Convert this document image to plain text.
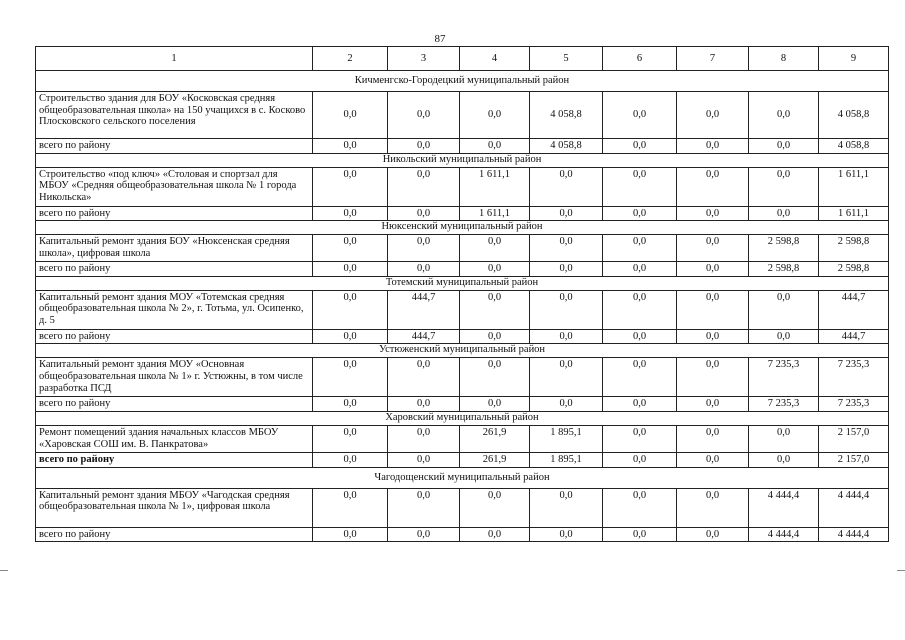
87
1	2	3	4	5	6	7	8	9
Кичменгско-Городецкий муниципальный район								
Строительство здания для БОУ «Косковская средняя общеобразовательная школа» на 150 учащихся в с. Косково Плосковского сельского поселения	0,0	0,0	0,0	4 058,8	0,0	0,0	0,0	4 058,8
всего по району	0,0	0,0	0,0	4 058,8	0,0	0,0	0,0	4 058,8
Никольский муниципальный район								
Строительство «под ключ» «Столовая и спортзал для МБОУ «Средняя общеобразовательная школа № 1 города Никольска»	0,0	0,0	1 611,1	0,0	0,0	0,0	0,0	1 611,1
всего по району	0,0	0,0	1 611,1	0,0	0,0	0,0	0,0	1 611,1
Нюксенский муниципальный район								
Капитальный ремонт здания БОУ «Нюксенская средняя школа», цифровая школа	0,0	0,0	0,0	0,0	0,0	0,0	2 598,8	2 598,8
всего по району	0,0	0,0	0,0	0,0	0,0	0,0	2 598,8	2 598,8
Тотемский муниципальный район								
Капитальный ремонт здания МОУ «Тотемская средняя общеобразовательная школа № 2», г. Тотьма, ул. Осипенко, д. 5	0,0	444,7	0,0	0,0	0,0	0,0	0,0	444,7
всего по району	0,0	444,7	0,0	0,0	0,0	0,0	0,0	444,7
Устюженский муниципальный район								
Капитальный ремонт здания МОУ «Основная общеобразовательная школа № 1» г. Устюжны, в том числе разработка ПСД	0,0	0,0	0,0	0,0	0,0	0,0	7 235,3	7 235,3
всего по району	0,0	0,0	0,0	0,0	0,0	0,0	7 235,3	7 235,3
Харовский муниципальный район								
Ремонт помещений здания начальных классов МБОУ «Харовская СОШ им. В. Панкратова»	0,0	0,0	261,9	1 895,1	0,0	0,0	0,0	2 157,0
всего по району	0,0	0,0	261,9	1 895,1	0,0	0,0	0,0	2 157,0
Чагодощенский муниципальный район								
Капитальный ремонт здания МБОУ «Чагодская средняя общеобразовательная школа № 1», цифровая школа	0,0	0,0	0,0	0,0	0,0	0,0	4 444,4	4 444,4
всего по району	0,0	0,0	0,0	0,0	0,0	0,0	4 444,4	4 444,4
